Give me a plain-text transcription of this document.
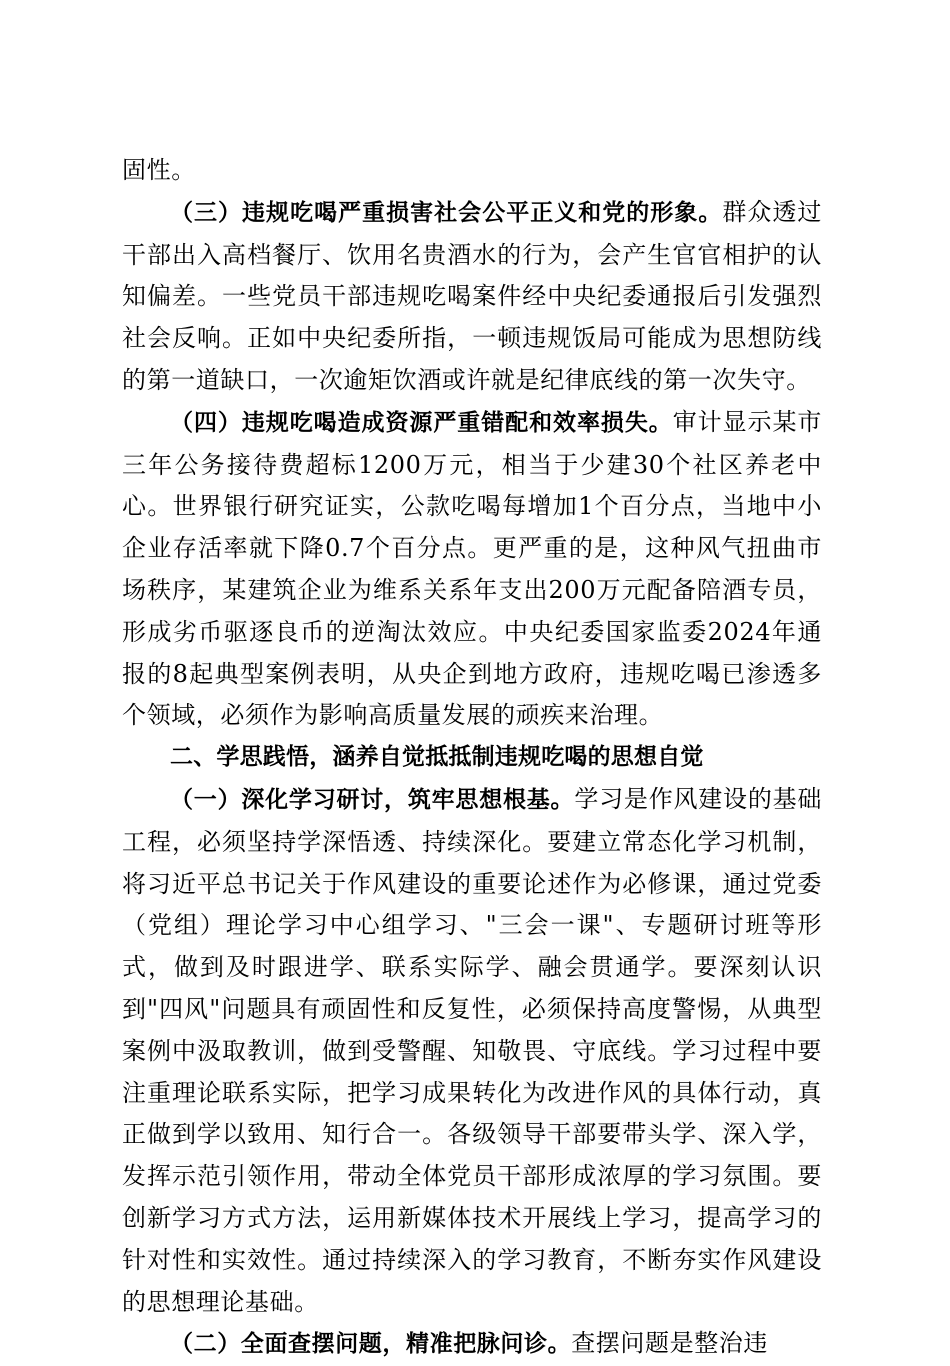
固性。

（三）违规吃喝严重损害社会公平正义和党的形象。群众透过干部出入高档餐厅、饮用名贵酒水的行为，会产生官官相护的认知偏差。一些党员干部违规吃喝案件经中央纪委通报后引发强烈社会反响。正如中央纪委所指，一顿违规饭局可能成为思想防线的第一道缺口，一次逾矩饮酒或许就是纪律底线的第一次失守。

（四）违规吃喝造成资源严重错配和效率损失。审计显示某市三年公务接待费超标1200万元，相当于少建30个社区养老中心。世界银行研究证实，公款吃喝每增加1个百分点，当地中小企业存活率就下降0.7个百分点。更严重的是，这种风气扭曲市场秩序，某建筑企业为维系关系年支出200万元配备陪酒专员，形成劣币驱逐良币的逆淘汰效应。中央纪委国家监委2024年通报的8起典型案例表明，从央企到地方政府，违规吃喝已渗透多个领域，必须作为影响高质量发展的顽疾来治理。

二、学思践悟，涵养自觉抵抵制违规吃喝的思想自觉

（一）深化学习研讨，筑牢思想根基。学习是作风建设的基础工程，必须坚持学深悟透、持续深化。要建立常态化学习机制，将习近平总书记关于作风建设的重要论述作为必修课，通过党委（党组）理论学习中心组学习、"三会一课"、专题研讨班等形式，做到及时跟进学、联系实际学、融会贯通学。要深刻认识到"四风"问题具有顽固性和反复性，必须保持高度警惕，从典型案例中汲取教训，做到受警醒、知敬畏、守底线。学习过程中要注重理论联系实际，把学习成果转化为改进作风的具体行动，真正做到学以致用、知行合一。各级领导干部要带头学、深入学，发挥示范引领作用，带动全体党员干部形成浓厚的学习氛围。要创新学习方式方法，运用新媒体技术开展线上学习，提高学习的针对性和实效性。通过持续深入的学习教育，不断夯实作风建设的思想理论基础。

（二）全面查摆问题，精准把脉问诊。查摆问题是整治违
